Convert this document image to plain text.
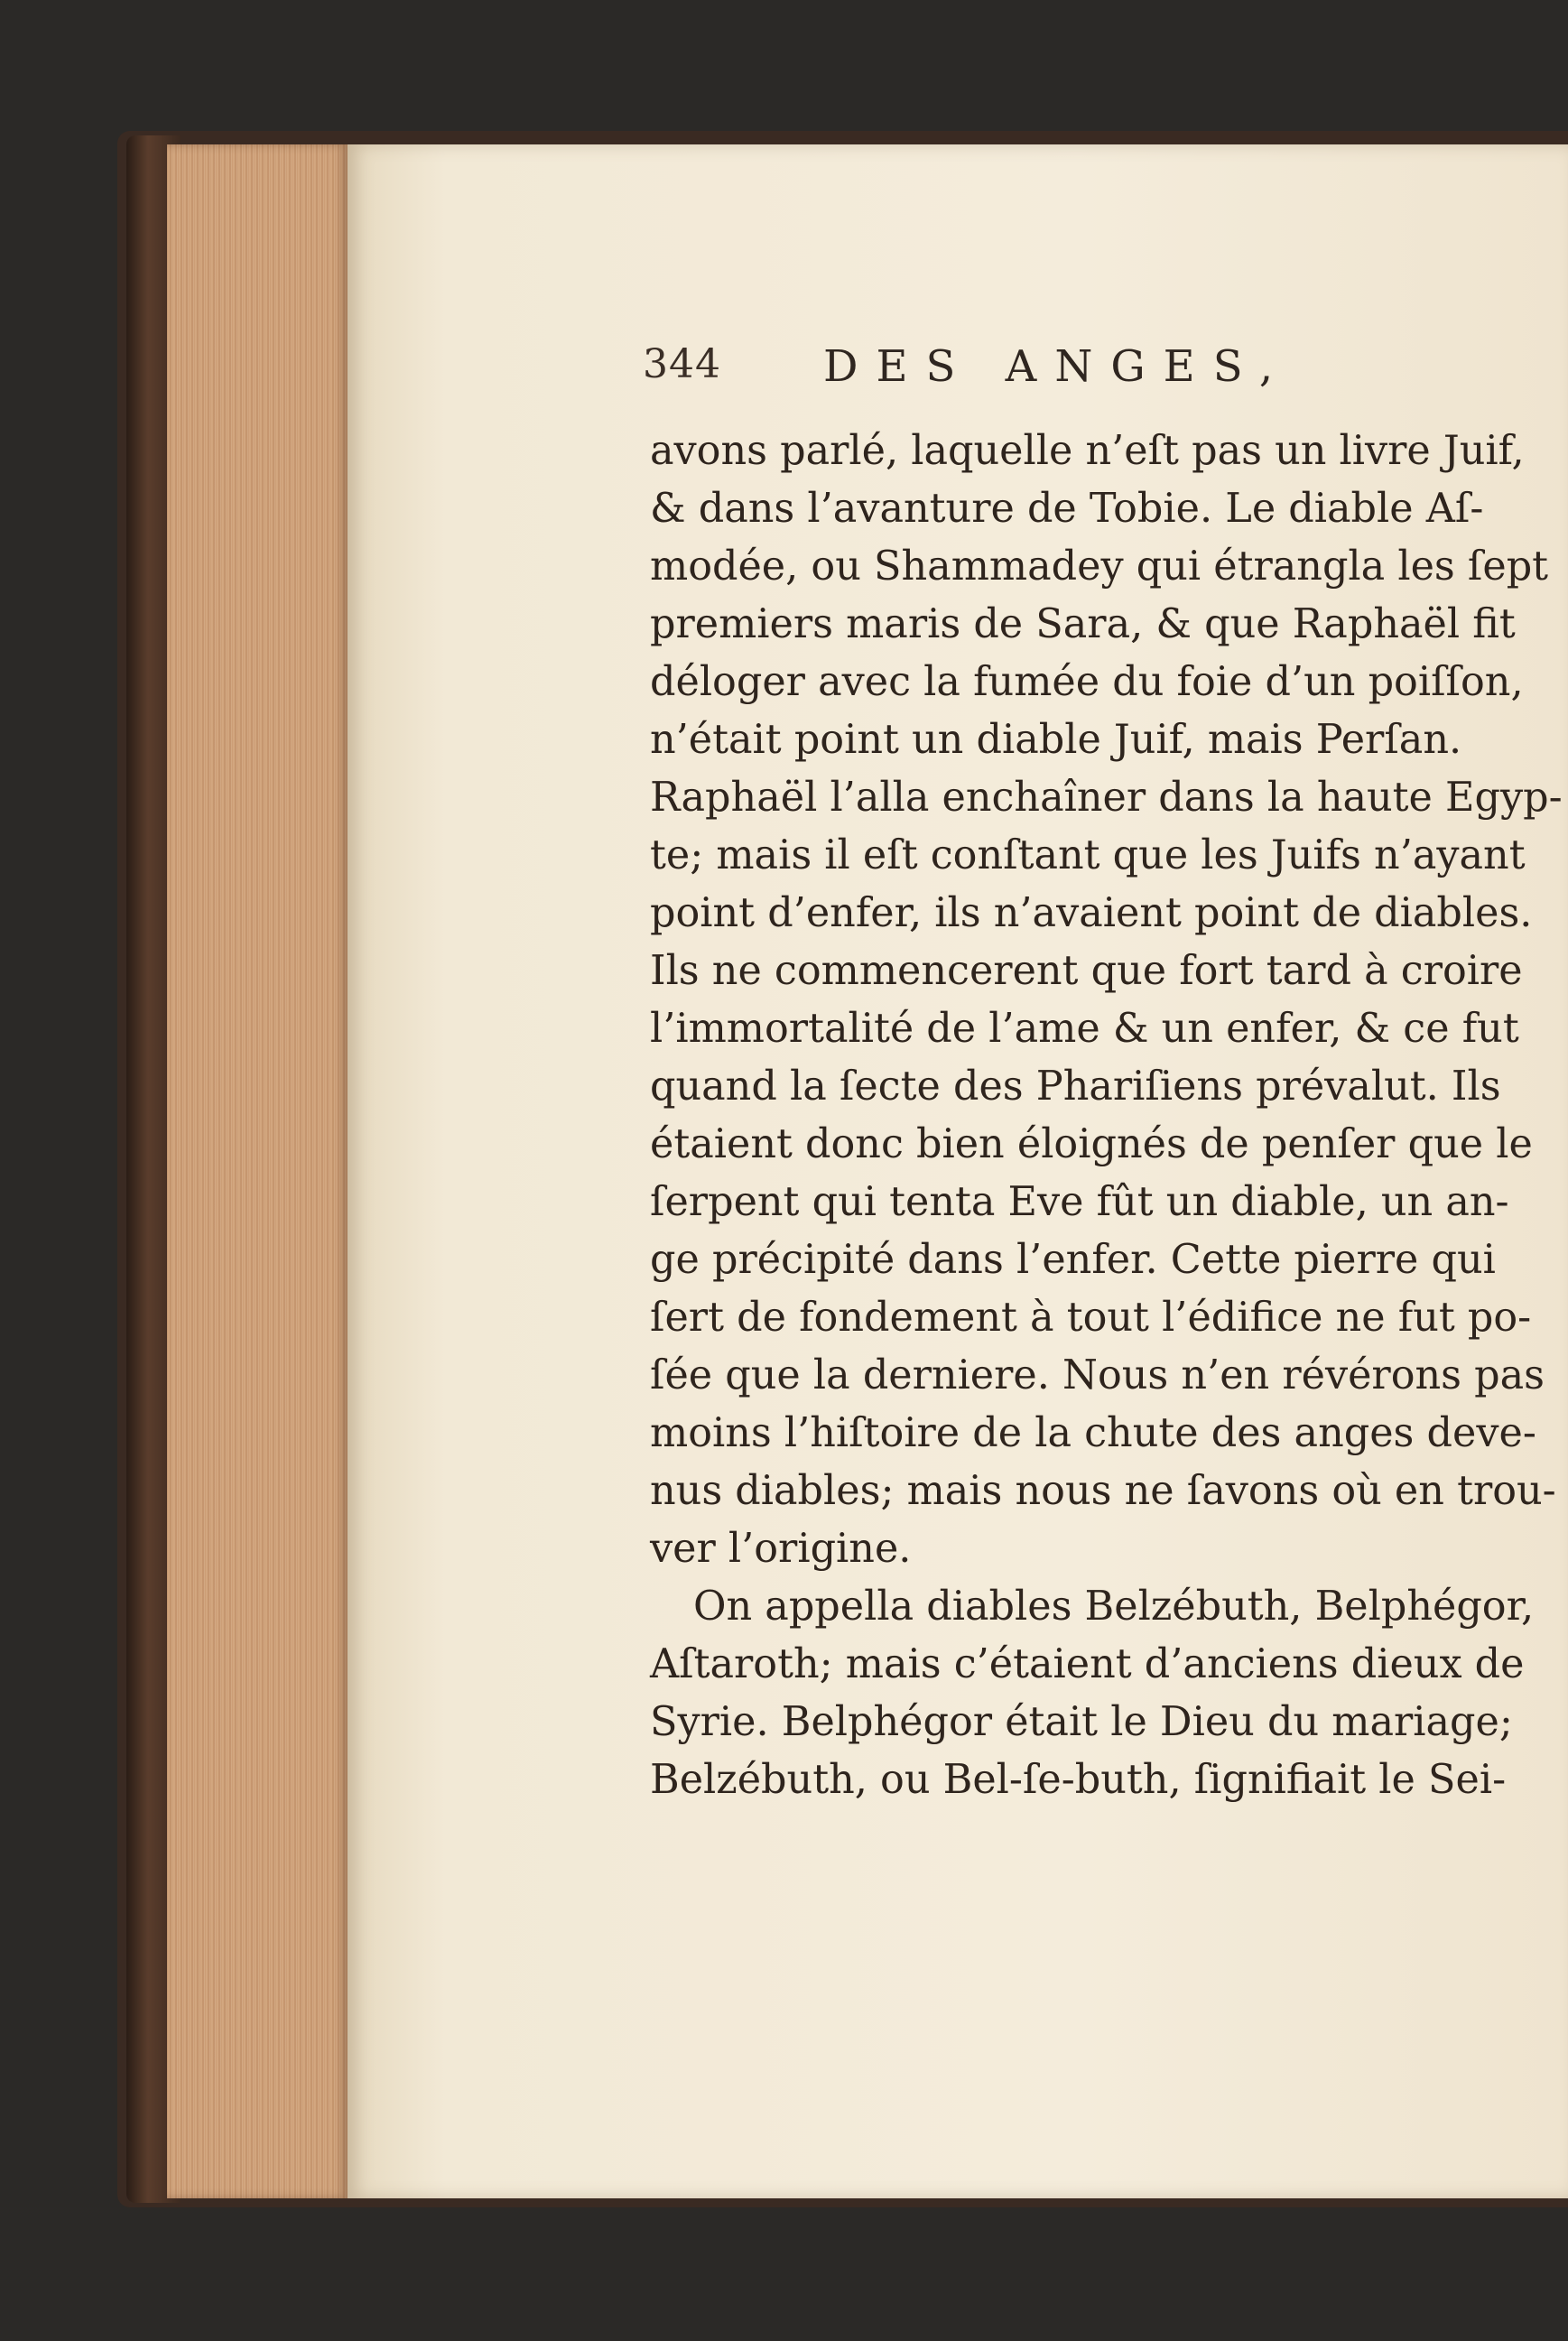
344 DES ANGES,
avons parlé, laquelle n’eſt pas un livre Juif,
& dans l’avanture de Tobie. Le diable Aſ-
modée, ou Shammadey qui étrangla les ſept
premiers maris de Sara, & que Raphaël fit
déloger avec la fumée du foie d’un poiſſon,
n’était point un diable Juif, mais Perſan.
Raphaël l’alla enchaîner dans la haute Egyp-
te; mais il eſt conſtant que les Juifs n’ayant
point d’enfer, ils n’avaient point de diables.
Ils ne commencerent que fort tard à croire
l’immortalité de l’ame & un enfer, & ce fut
quand la ſecte des Phariſiens prévalut. Ils
étaient donc bien éloignés de penſer que le
ſerpent qui tenta Eve fût un diable, un an-
ge précipité dans l’enfer. Cette pierre qui
ſert de fondement à tout l’édifice ne fut po-
ſée que la derniere. Nous n’en révérons pas
moins l’hiſtoire de la chute des anges deve-
nus diables; mais nous ne ſavons où en trou-
ver l’origine.
On appella diables Belzébuth, Belphégor,
Aſtaroth; mais c’étaient d’anciens dieux de
Syrie. Belphégor était le Dieu du mariage;
Belzébuth, ou Bel-ſe-buth, ſignifiait le Sei-
